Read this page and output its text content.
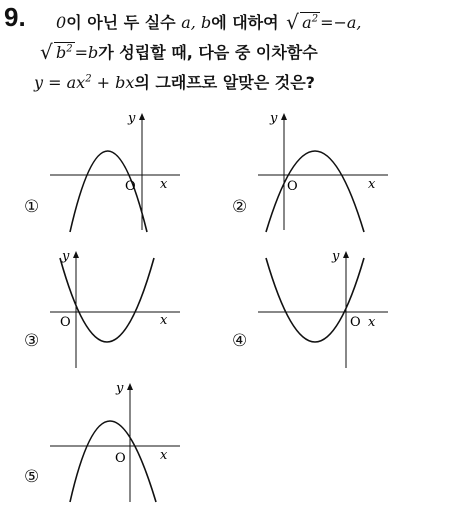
9. 0이 아닌 두 실수 a, b에 대하여 √ $a^2 =-a$,
√ $b^2 =b$가 성립할 때, 다음 중 이차함수
$y = ax^2$ + bx의 그래프로 알맞은 것은?
y
x
O
①
y
x
O
②
y
x
O
③
y
x
O
④
y
x
O
⑤
